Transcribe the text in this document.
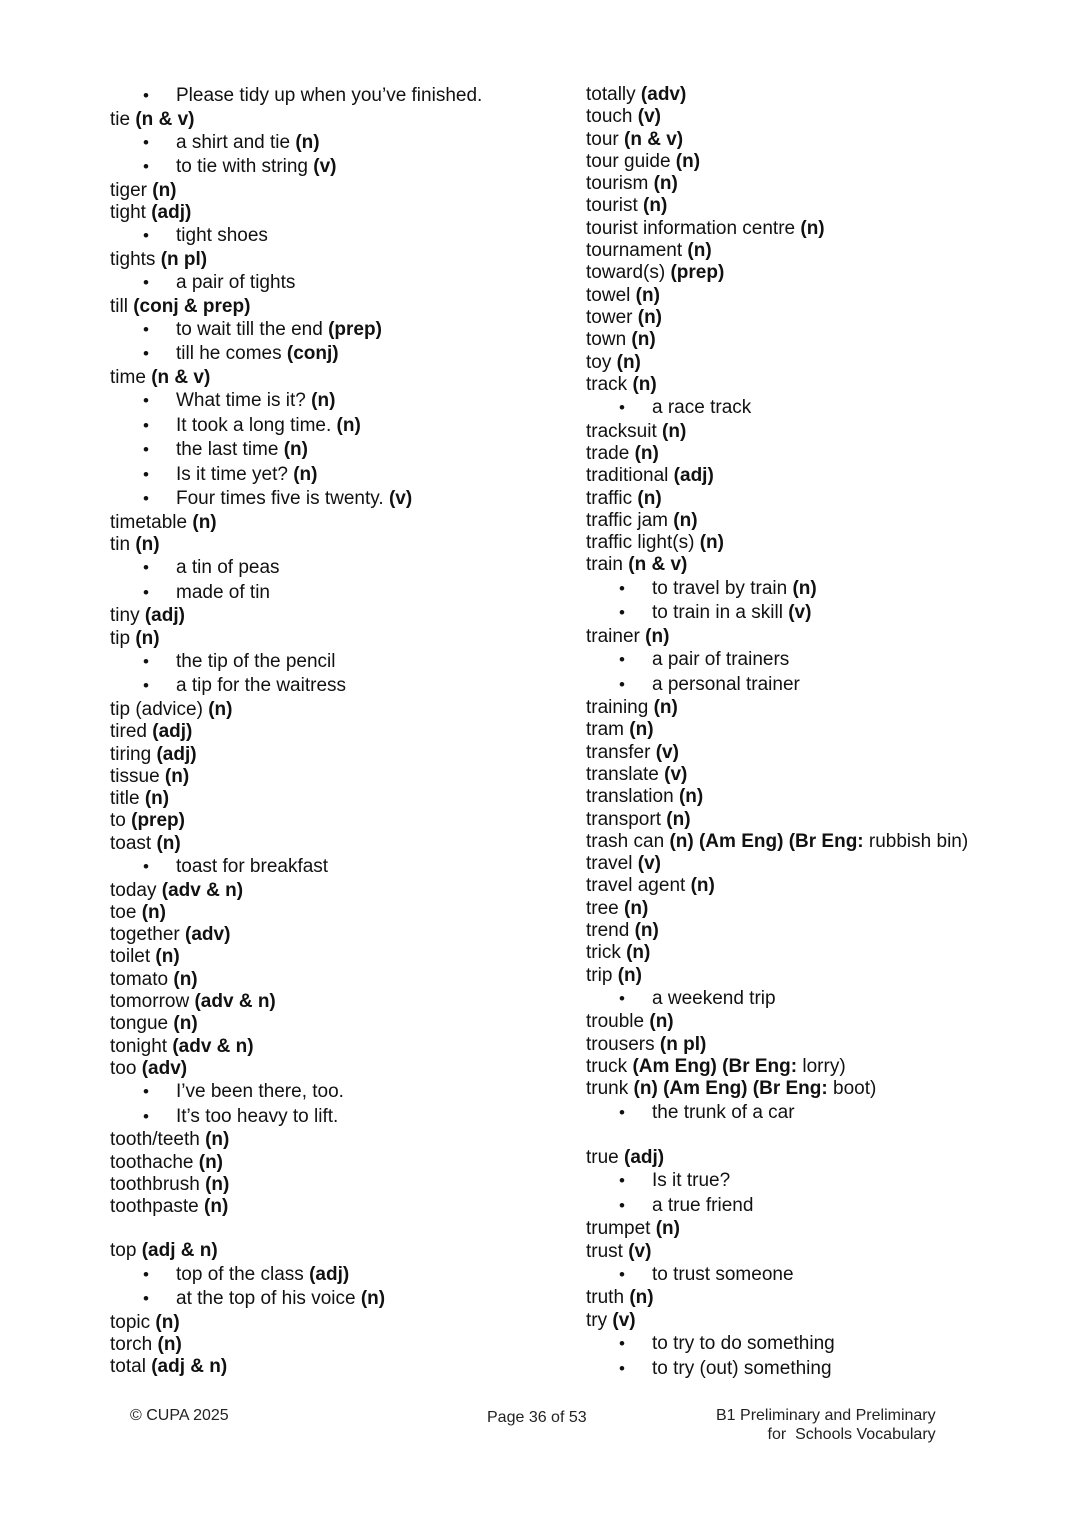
• Please tidy up when you’ve finished.
tie (n & v)
• a shirt and tie (n)
• to tie with string (v)
tiger (n)
tight (adj)
• tight shoes
tights (n pl)
• a pair of tights
till (conj & prep)
• to wait till the end (prep)
• till he comes (conj)
time (n & v)
• What time is it? (n)
• It took a long time. (n)
• the last time (n)
• Is it time yet? (n)
• Four times five is twenty. (v)
timetable (n)
tin (n)
• a tin of peas
• made of tin
tiny (adj)
tip (n)
• the tip of the pencil
• a tip for the waitress
tip (advice) (n)
tired (adj)
tiring (adj)
tissue (n)
title (n)
to (prep)
toast (n)
• toast for breakfast
today (adv & n)
toe (n)
together (adv)
toilet (n)
tomato (n)
tomorrow (adv & n)
tongue (n)
tonight (adv & n)
too (adv)
• I’ve been there, too.
• It’s too heavy to lift.
tooth/teeth (n)
toothache (n)
toothbrush (n)
toothpaste (n)
top (adj & n)
• top of the class (adj)
• at the top of his voice (n)
topic (n)
torch (n)
total (adj & n)
totally (adv)
touch (v)
tour (n & v)
tour guide (n)
tourism (n)
tourist (n)
tourist information centre (n)
tournament (n)
toward(s) (prep)
towel (n)
tower (n)
town (n)
toy (n)
track (n)
• a race track
tracksuit (n)
trade (n)
traditional (adj)
traffic (n)
traffic jam (n)
traffic light(s) (n)
train (n & v)
• to travel by train (n)
• to train in a skill (v)
trainer (n)
• a pair of trainers
• a personal trainer
training (n)
tram (n)
transfer (v)
translate (v)
translation (n)
transport (n)
trash can (n) (Am Eng) (Br Eng: rubbish bin)
travel (v)
travel agent (n)
tree (n)
trend (n)
trick (n)
trip (n)
• a weekend trip
trouble (n)
trousers (n pl)
truck (Am Eng) (Br Eng: lorry)
trunk (n) (Am Eng) (Br Eng: boot)
• the trunk of a car
true (adj)
• Is it true?
• a true friend
trumpet (n)
trust (v)
• to trust someone
truth (n)
try (v)
• to try to do something
• to try (out) something
© CUPA 2025	Page 36 of 53	B1 Preliminary and Preliminary
for  Schools Vocabulary
